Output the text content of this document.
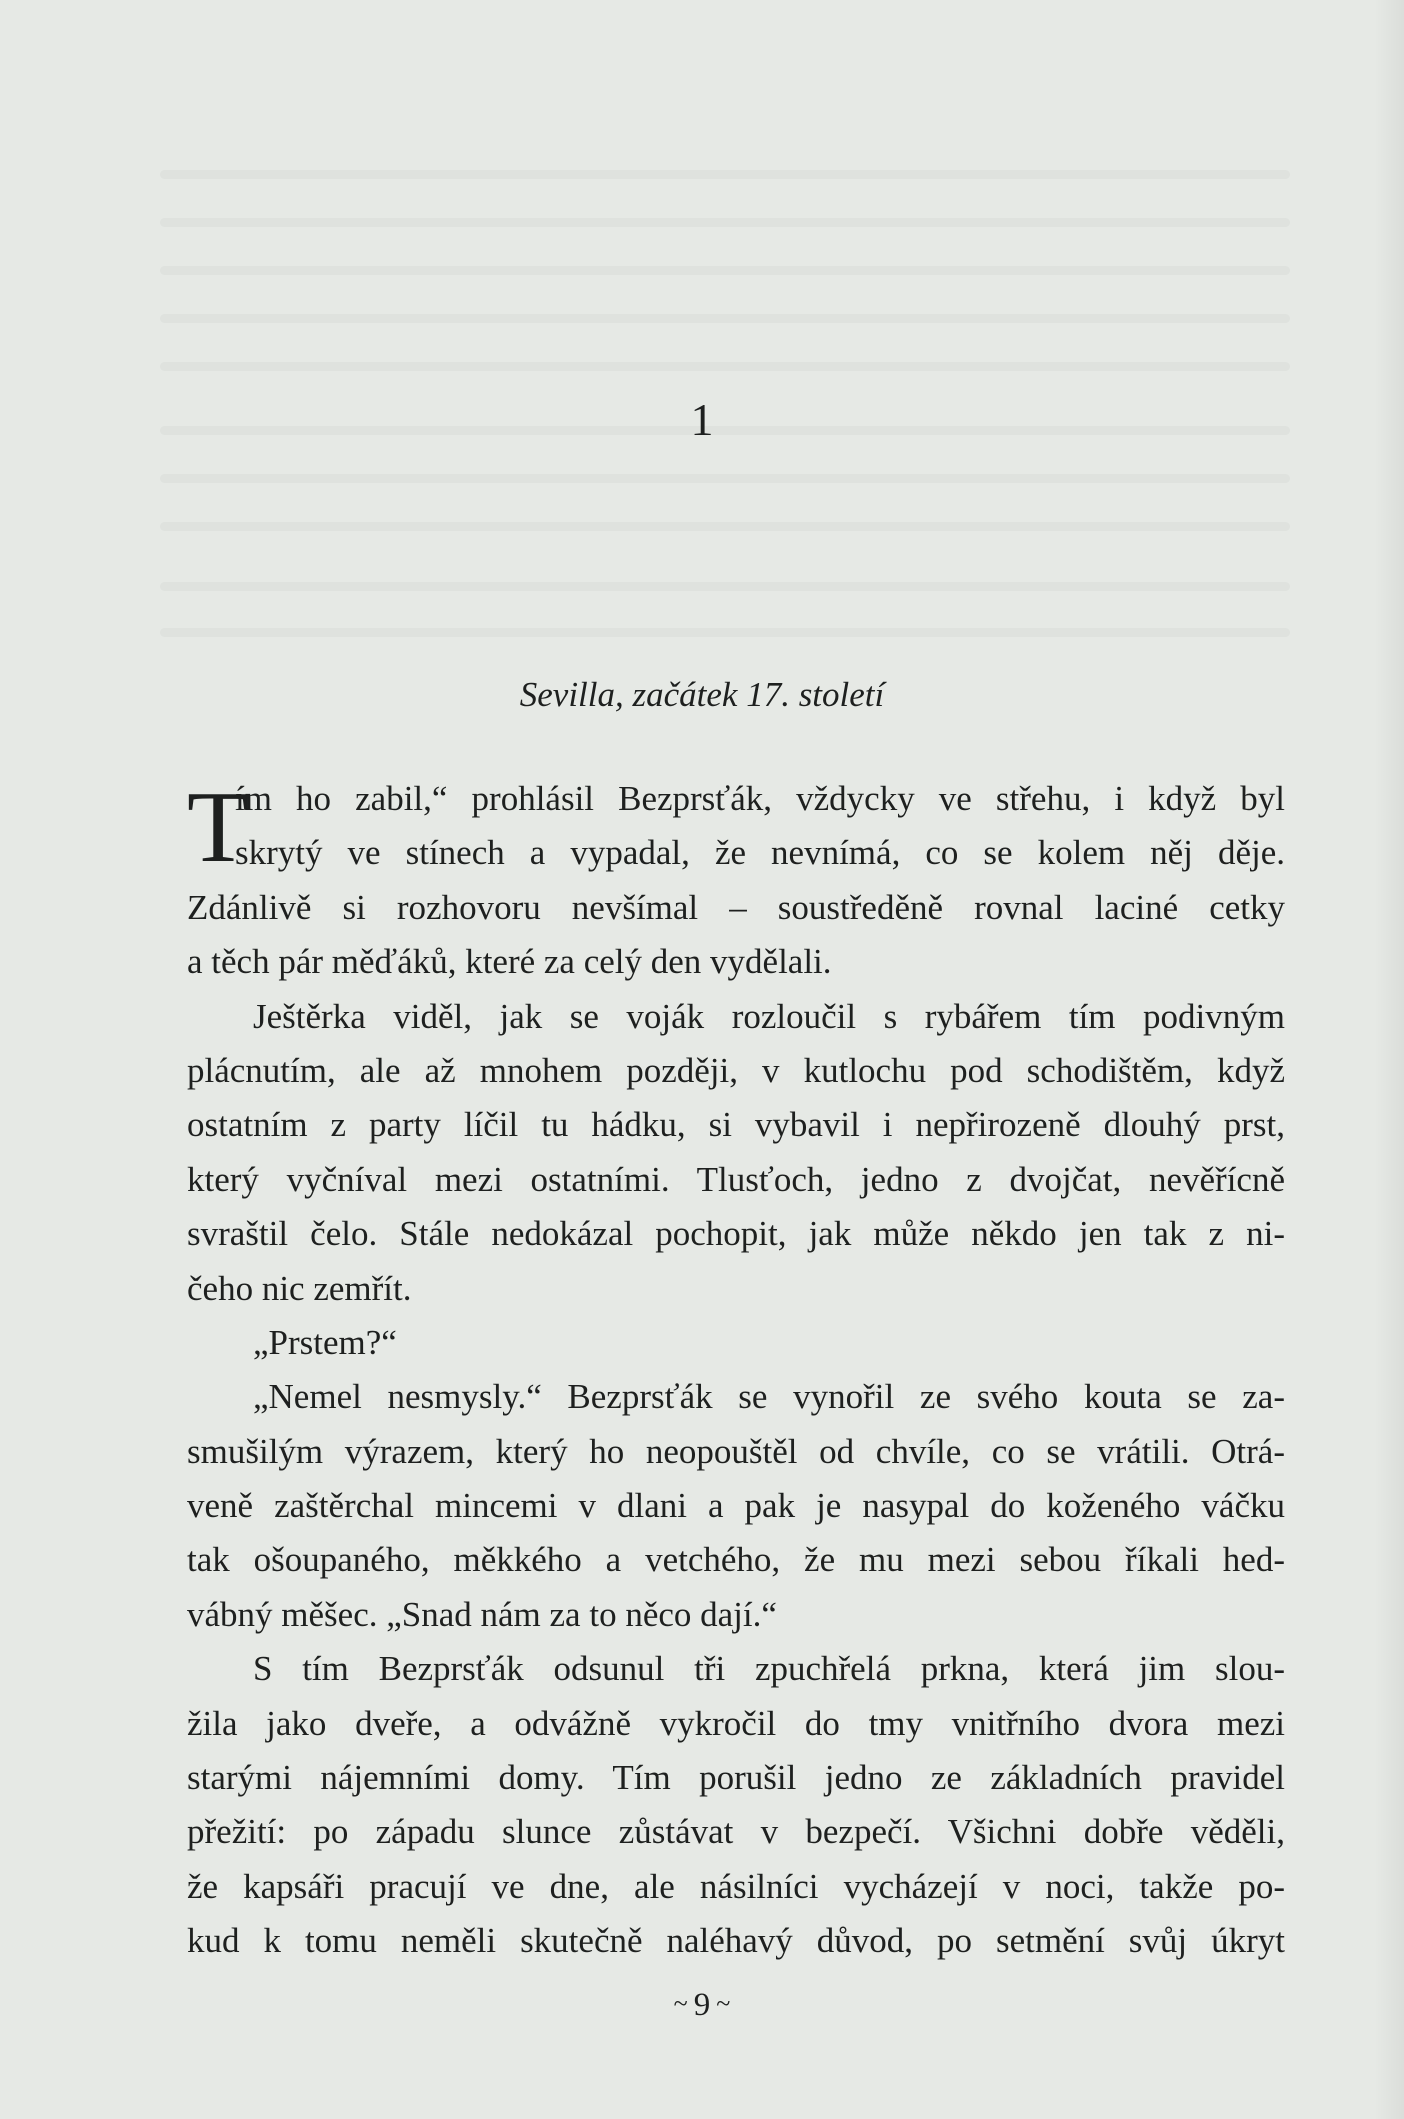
1
Sevilla, začátek 17. století
T
ím ho zabil,“ prohlásil Bezprsťák, vždycky ve střehu, i když byl
skrytý ve stínech a vypadal, že nevnímá, co se kolem něj děje.
Zdánlivě si rozhovoru nevšímal – soustředěně rovnal laciné cetky
a těch pár měďáků, které za celý den vydělali.
Ještěrka viděl, jak se voják rozloučil s rybářem tím podivným
plácnutím, ale až mnohem později, v kutlochu pod schodištěm, když
ostatním z party líčil tu hádku, si vybavil i nepřirozeně dlouhý prst,
který vyčníval mezi ostatními. Tlusťoch, jedno z dvojčat, nevěřícně
svraštil čelo. Stále nedokázal pochopit, jak může někdo jen tak z ni-
čeho nic zemřít.
„Prstem?“
„Nemel nesmysly.“ Bezprsťák se vynořil ze svého kouta se za-
smušilým výrazem, který ho neopouštěl od chvíle, co se vrátili. Otrá-
veně zaštěrchal mincemi v dlani a pak je nasypal do koženého váčku
tak ošoupaného, měkkého a vetchého, že mu mezi sebou říkali hed-
vábný měšec. „Snad nám za to něco dají.“
S tím Bezprsťák odsunul tři zpuchřelá prkna, která jim slou-
žila jako dveře, a odvážně vykročil do tmy vnitřního dvora mezi
starými nájemními domy. Tím porušil jedno ze základních pravidel
přežití: po západu slunce zůstávat v bezpečí. Všichni dobře věděli,
že kapsáři pracují ve dne, ale násilníci vycházejí v noci, takže po-
kud k tomu neměli skutečně naléhavý důvod, po setmění svůj úkryt
~ 9 ~
